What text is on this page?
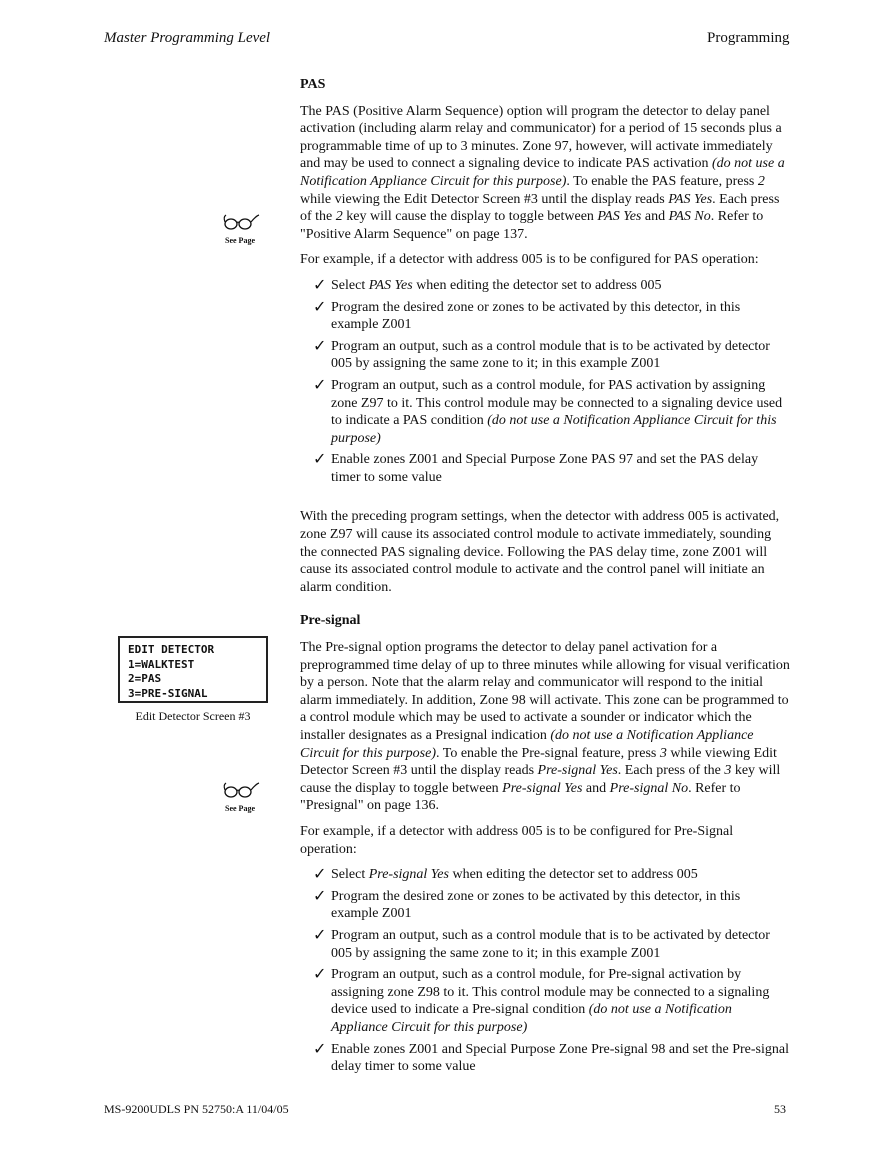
Master Programming Level	Programming
See Page
See Page
EDIT DETECTOR
1=WALKTEST
2=PAS
3=PRE-SIGNAL
Edit Detector Screen #3
PAS

The PAS (Positive Alarm Sequence) option will program the detector to delay panel activation (including alarm relay and communicator) for a period of 15 seconds plus a programmable time of up to 3 minutes. Zone 97, however, will activate immediately and may be used to connect a signaling device to indicate PAS activation (do not use a Notification Appliance Circuit for this purpose). To enable the PAS feature, press 2 while viewing the Edit Detector Screen #3 until the display reads PAS Yes. Each press of the 2 key will cause the display to toggle between PAS Yes and PAS No. Refer to "Positive Alarm Sequence" on page 137.

For example, if a detector with address 005 is to be configured for PAS operation:

✓ Select PAS Yes when editing the detector set to address 005
✓ Program the desired zone or zones to be activated by this detector, in this example Z001
✓ Program an output, such as a control module that is to be activated by detector 005 by assigning the same zone to it; in this example Z001
✓ Program an output, such as a control module, for PAS activation by assigning zone Z97 to it. This control module may be connected to a signaling device used to indicate a PAS condition (do not use a Notification Appliance Circuit for this purpose)
✓ Enable zones Z001 and Special Purpose Zone PAS 97 and set the PAS delay timer to some value

With the preceding program settings, when the detector with address 005 is activated, zone Z97 will cause its associated control module to activate immediately, sounding the connected PAS signaling device. Following the PAS delay time, zone Z001 will cause its associated control module to activate and the control panel will initiate an alarm condition.

Pre-signal

The Pre-signal option programs the detector to delay panel activation for a preprogrammed time delay of up to three minutes while allowing for visual verification by a person. Note that the alarm relay and communicator will respond to the initial alarm immediately. In addition, Zone 98 will activate. This zone can be programmed to a control module which may be used to activate a sounder or indicator which the installer designates as a Presignal indication (do not use a Notification Appliance Circuit for this purpose). To enable the Pre-signal feature, press 3 while viewing Edit Detector Screen #3 until the display reads Pre-signal Yes. Each press of the 3 key will cause the display to toggle between Pre-signal Yes and Pre-signal No. Refer to "Presignal" on page 136.

For example, if a detector with address 005 is to be configured for Pre-Signal operation:

✓ Select Pre-signal Yes when editing the detector set to address 005
✓ Program the desired zone or zones to be activated by this detector, in this example Z001
✓ Program an output, such as a control module that is to be activated by detector 005 by assigning the same zone to it; in this example Z001
✓ Program an output, such as a control module, for Pre-signal activation by assigning zone Z98 to it. This control module may be connected to a signaling device used to indicate a Pre-signal condition (do not use a Notification Appliance Circuit for this purpose)
✓ Enable zones Z001 and Special Purpose Zone Pre-signal 98 and set the Pre-signal delay timer to some value
MS-9200UDLS PN 52750:A 11/04/05	53
